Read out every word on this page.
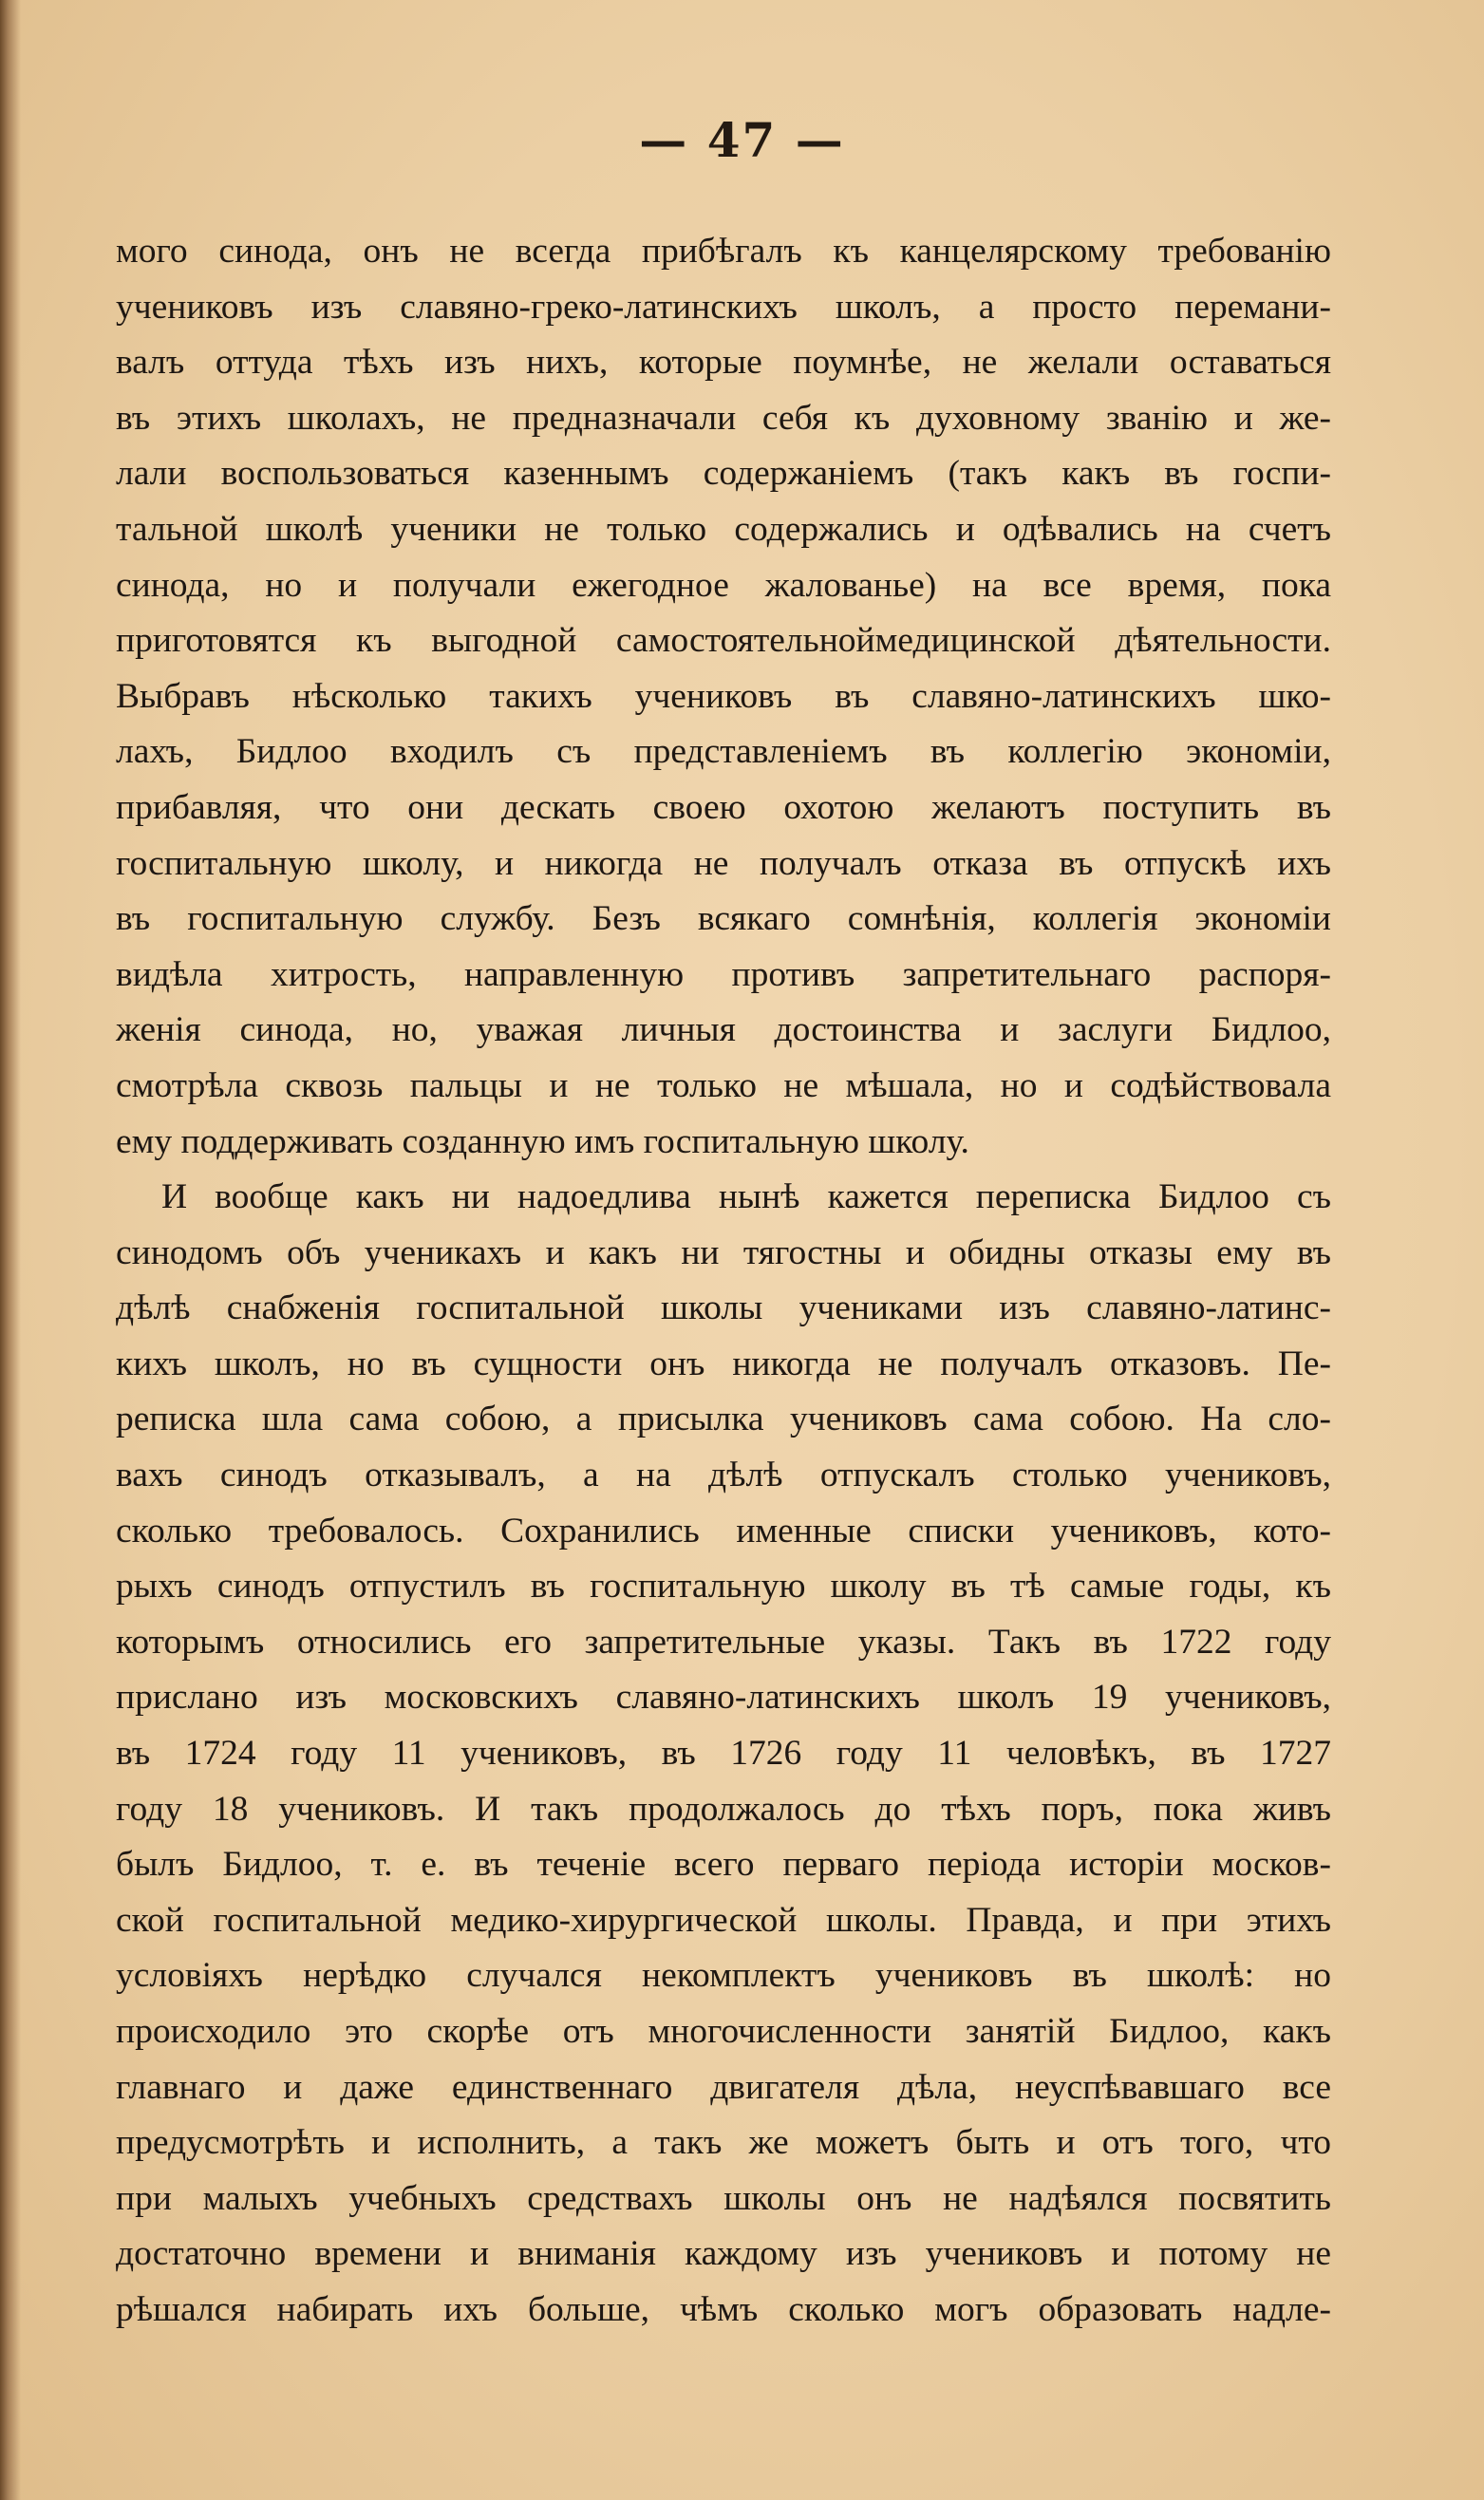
— 47 —
мого синода, онъ не всегда прибѣгалъ къ канцелярскому требованію
учениковъ изъ славяно-греко-латинскихъ школъ, а просто перемани-
валъ оттуда тѣхъ изъ нихъ, которые поумнѣе, не желали оставаться
въ этихъ школахъ, не предназначали себя къ духовному званію и же-
лали воспользоваться казеннымъ содержаніемъ (такъ какъ въ госпи-
тальной школѣ ученики не только содержались и одѣвались на счетъ
синода, но и получали ежегодное жалованье) на все время, пока
приготовятся къ выгодной самостоятельноймедицинской дѣятельности.
Выбравъ нѣсколько такихъ учениковъ въ славяно-латинскихъ шко-
лахъ, Бидлоо входилъ съ представленіемъ въ коллегію экономіи,
прибавляя, что они дескать своею охотою желаютъ поступить въ
госпитальную школу, и никогда не получалъ отказа въ отпускѣ ихъ
въ госпитальную службу. Безъ всякаго сомнѣнія, коллегія экономіи
видѣла хитрость, направленную противъ запретительнаго распоря-
женія синода, но, уважая личныя достоинства и заслуги Бидлоо,
смотрѣла сквозь пальцы и не только не мѣшала, но и содѣйствовала
ему поддерживать созданную имъ госпитальную школу.
И вообще какъ ни надоедлива нынѣ кажется переписка Бидлоо съ
синодомъ объ ученикахъ и какъ ни тягостны и обидны отказы ему въ
дѣлѣ снабженія госпитальной школы учениками изъ славяно-латинс-
кихъ школъ, но въ сущности онъ никогда не получалъ отказовъ. Пе-
реписка шла сама собою, а присылка учениковъ сама собою. На сло-
вахъ синодъ отказывалъ, а на дѣлѣ отпускалъ столько учениковъ,
сколько требовалось. Сохранились именные списки учениковъ, кото-
рыхъ синодъ отпустилъ въ госпитальную школу въ тѣ самые годы, къ
которымъ относились его запретительные указы. Такъ въ 1722 году
прислано изъ московскихъ славяно-латинскихъ школъ 19 учениковъ,
въ 1724 году 11 учениковъ, въ 1726 году 11 человѣкъ, въ 1727
году 18 учениковъ. И такъ продолжалось до тѣхъ поръ, пока живъ
былъ Бидлоо, т. е. въ теченіе всего перваго періода исторіи москов-
ской госпитальной медико-хирургической школы. Правда, и при этихъ
условіяхъ нерѣдко случался некомплектъ учениковъ въ школѣ: но
происходило это скорѣе отъ многочисленности занятій Бидлоо, какъ
главнаго и даже единственнаго двигателя дѣла, неуспѣвавшаго все
предусмотрѣть и исполнить, а такъ же можетъ быть и отъ того, что
при малыхъ учебныхъ средствахъ школы онъ не надѣялся посвятить
достаточно времени и вниманія каждому изъ учениковъ и потому не
рѣшался набирать ихъ больше, чѣмъ сколько могъ образовать надле-
